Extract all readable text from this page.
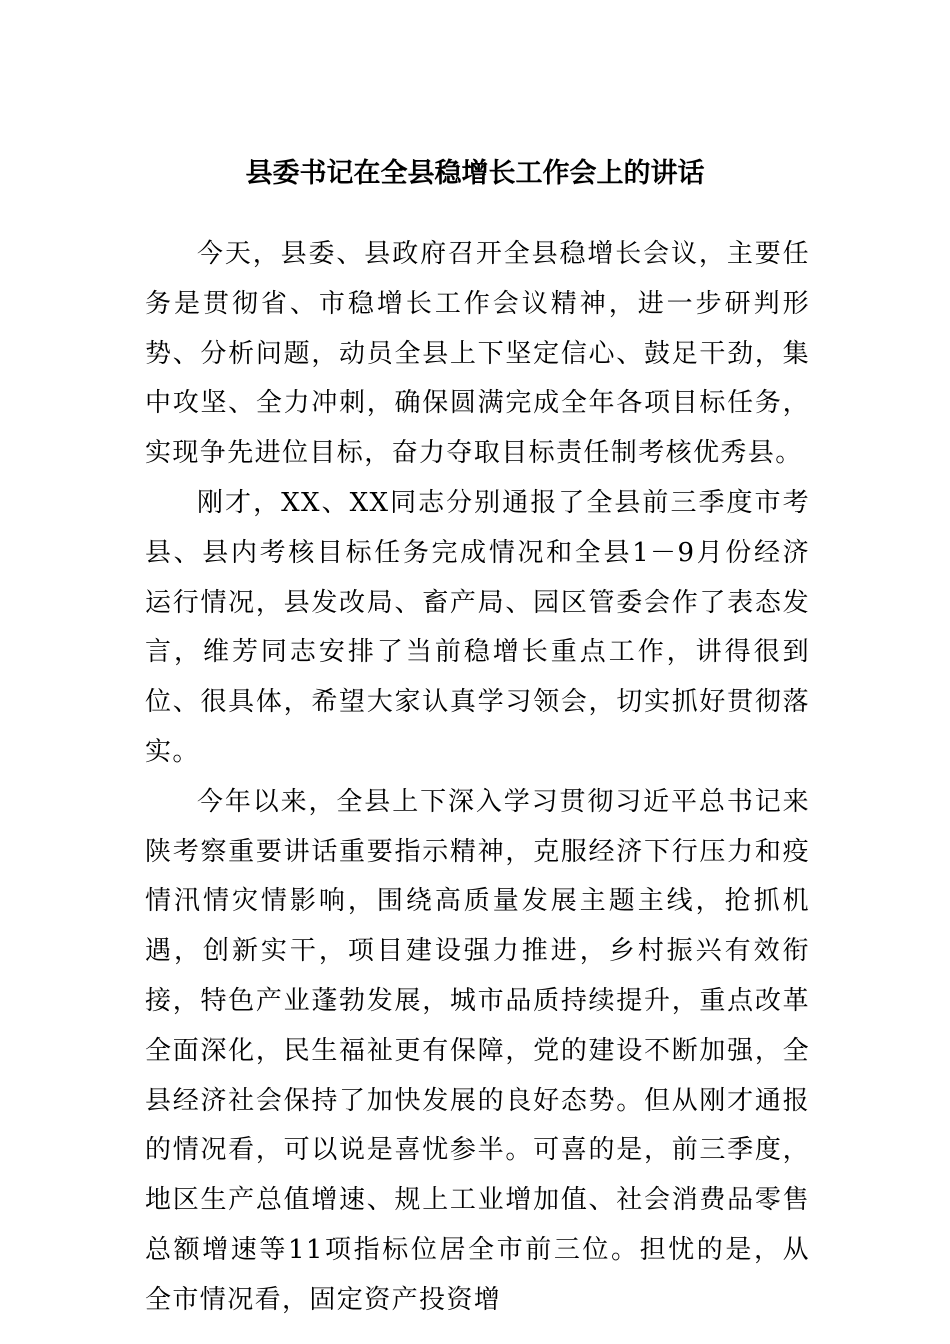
县委书记在全县稳增长工作会上的讲话

今天，县委、县政府召开全县稳增长会议，主要任务是贯彻省、市稳增长工作会议精神，进一步研判形势、分析问题，动员全县上下坚定信心、鼓足干劲，集中攻坚、全力冲刺，确保圆满完成全年各项目标任务，实现争先进位目标，奋力夺取目标责任制考核优秀县。

刚才，XX、XX同志分别通报了全县前三季度市考县、县内考核目标任务完成情况和全县1－9月份经济运行情况，县发改局、畜产局、园区管委会作了表态发言，维芳同志安排了当前稳增长重点工作，讲得很到位、很具体，希望大家认真学习领会，切实抓好贯彻落实。

今年以来，全县上下深入学习贯彻习近平总书记来陕考察重要讲话重要指示精神，克服经济下行压力和疫情汛情灾情影响，围绕高质量发展主题主线，抢抓机遇，创新实干，项目建设强力推进，乡村振兴有效衔接，特色产业蓬勃发展，城市品质持续提升，重点改革全面深化，民生福祉更有保障，党的建设不断加强，全县经济社会保持了加快发展的良好态势。但从刚才通报的情况看，可以说是喜忧参半。可喜的是，前三季度，地区生产总值增速、规上工业增加值、社会消费品零售总额增速等11项指标位居全市前三位。担忧的是，从全市情况看，固定资产投资增
